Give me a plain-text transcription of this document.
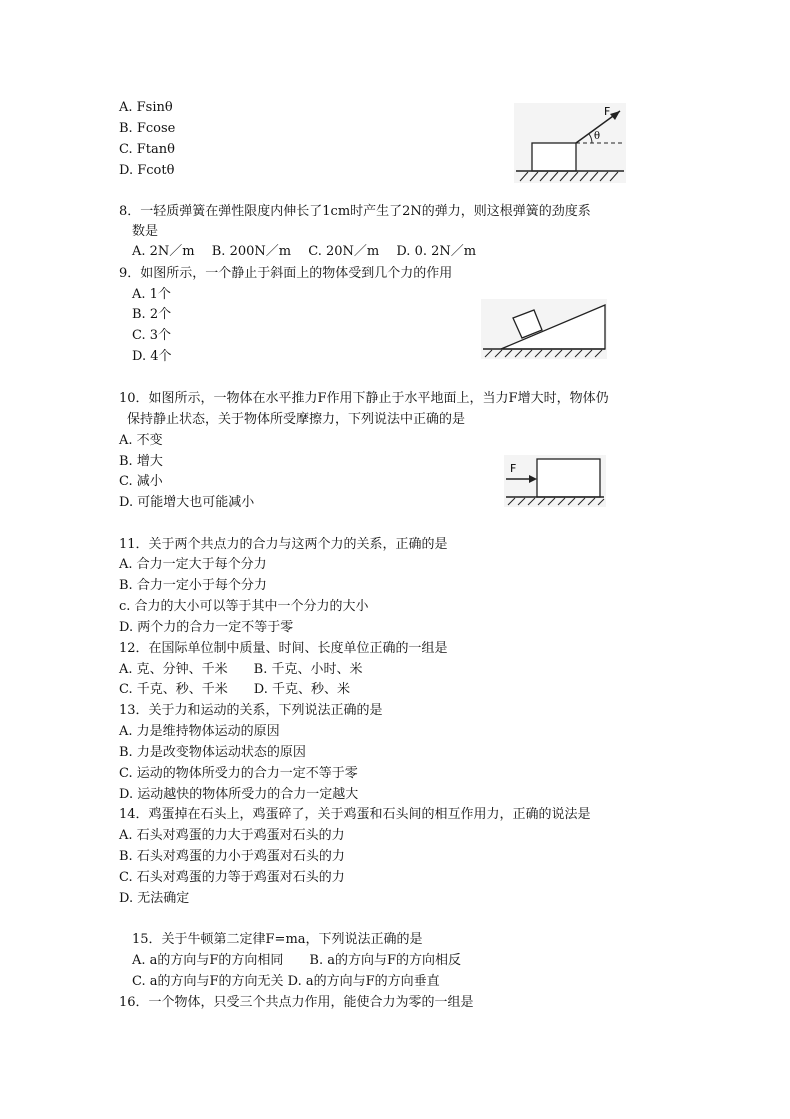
A. Fsinθ
B. Fcose
C. Ftanθ
D. Fcotθ
θ
F
8．一轻质弹簧在弹性限度内伸长了1cm时产生了2N的弹力，则这根弹簧的劲度系
数是
A. 2N／m　 B. 200N／m　 C. 20N／m　 D. 0. 2N／m
9．如图所示，一个静止于斜面上的物体受到几个力的作用
A. 1个
B. 2个
C. 3个
D. 4个
10．如图所示，一物体在水平推力F作用下静止于水平地面上，当力F增大时，物体仍
保持静止状态，关于物体所受摩擦力，下列说法中正确的是
A. 不变
B. 增大
C. 减小
D. 可能增大也可能减小
F
11．关于两个共点力的合力与这两个力的关系，正确的是
A. 合力一定大于每个分力
B. 合力一定小于每个分力
c. 合力的大小可以等于其中一个分力的大小
D. 两个力的合力一定不等于零
12．在国际单位制中质量、时间、长度单位正确的一组是
A. 克、分钟、千米　　B. 千克、小时、米
C. 千克、秒、千米　　D. 千克、秒、米
13．关于力和运动的关系，下列说法正确的是
A. 力是维持物体运动的原因
B. 力是改变物体运动状态的原因
C. 运动的物体所受力的合力一定不等于零
D. 运动越快的物体所受力的合力一定越大
14．鸡蛋掉在石头上，鸡蛋碎了，关于鸡蛋和石头间的相互作用力，正确的说法是
A. 石头对鸡蛋的力大于鸡蛋对石头的力
B. 石头对鸡蛋的力小于鸡蛋对石头的力
C. 石头对鸡蛋的力等于鸡蛋对石头的力
D. 无法确定
15．关于牛顿第二定律F=ma，下列说法正确的是
A. a的方向与F的方向相同　　B. a的方向与F的方向相反
C. a的方向与F的方向无关 D. a的方向与F的方向垂直
16．一个物体，只受三个共点力作用，能使合力为零的一组是
